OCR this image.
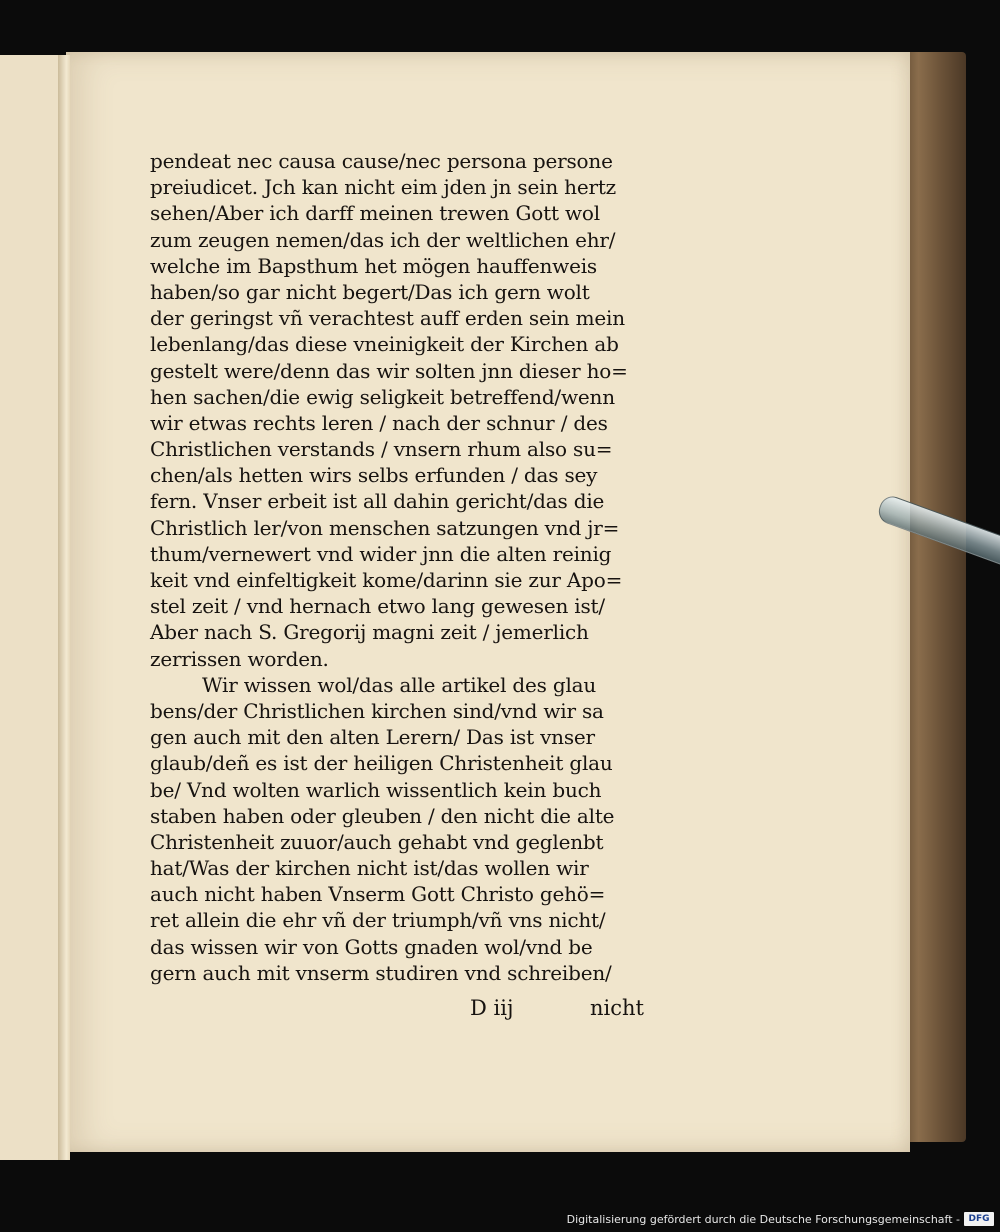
pendeat nec causa cause/nec persona persone
preiudicet. Jch kan nicht eim jden jn sein hertz
sehen/Aber ich darff meinen trewen Gott wol
zum zeugen nemen/das ich der weltlichen ehr/
welche im Bapsthum het mögen hauffenweis
haben/so gar nicht begert/Das ich gern wolt
der geringst vñ verachtest auff erden sein mein
lebenlang/das diese vneinigkeit der Kirchen ab
gestelt were/denn das wir solten jnn dieser ho=
hen sachen/die ewig seligkeit betreffend/wenn
wir etwas rechts leren / nach der schnur / des
Christlichen verstands / vnsern rhum also su=
chen/als hetten wirs selbs erfunden / das sey
fern. Vnser erbeit ist all dahin gericht/das die
Christlich ler/von menschen satzungen vnd jr=
thum/vernewert vnd wider jnn die alten reinig
keit vnd einfeltigkeit kome/darinn sie zur Apo=
stel zeit / vnd hernach etwo lang gewesen ist/
Aber nach S. Gregorij magni zeit / jemerlich
zerrissen worden.
Wir wissen wol/das alle artikel des glau
bens/der Christlichen kirchen sind/vnd wir sa
gen auch mit den alten Lerern/ Das ist vnser
glaub/deñ es ist der heiligen Christenheit glau
be/ Vnd wolten warlich wissentlich kein buch
staben haben oder gleuben / den nicht die alte
Christenheit zuuor/auch gehabt vnd geglenbt
hat/Was der kirchen nicht ist/das wollen wir
auch nicht haben Vnserm Gott Christo gehö=
ret allein die ehr vñ der triumph/vñ vns nicht/
das wissen wir von Gotts gnaden wol/vnd be
gern auch mit vnserm studiren vnd schreiben/
D iij	nicht
Digitalisierung gefördert durch die Deutsche Forschungsgemeinschaft - DFG
